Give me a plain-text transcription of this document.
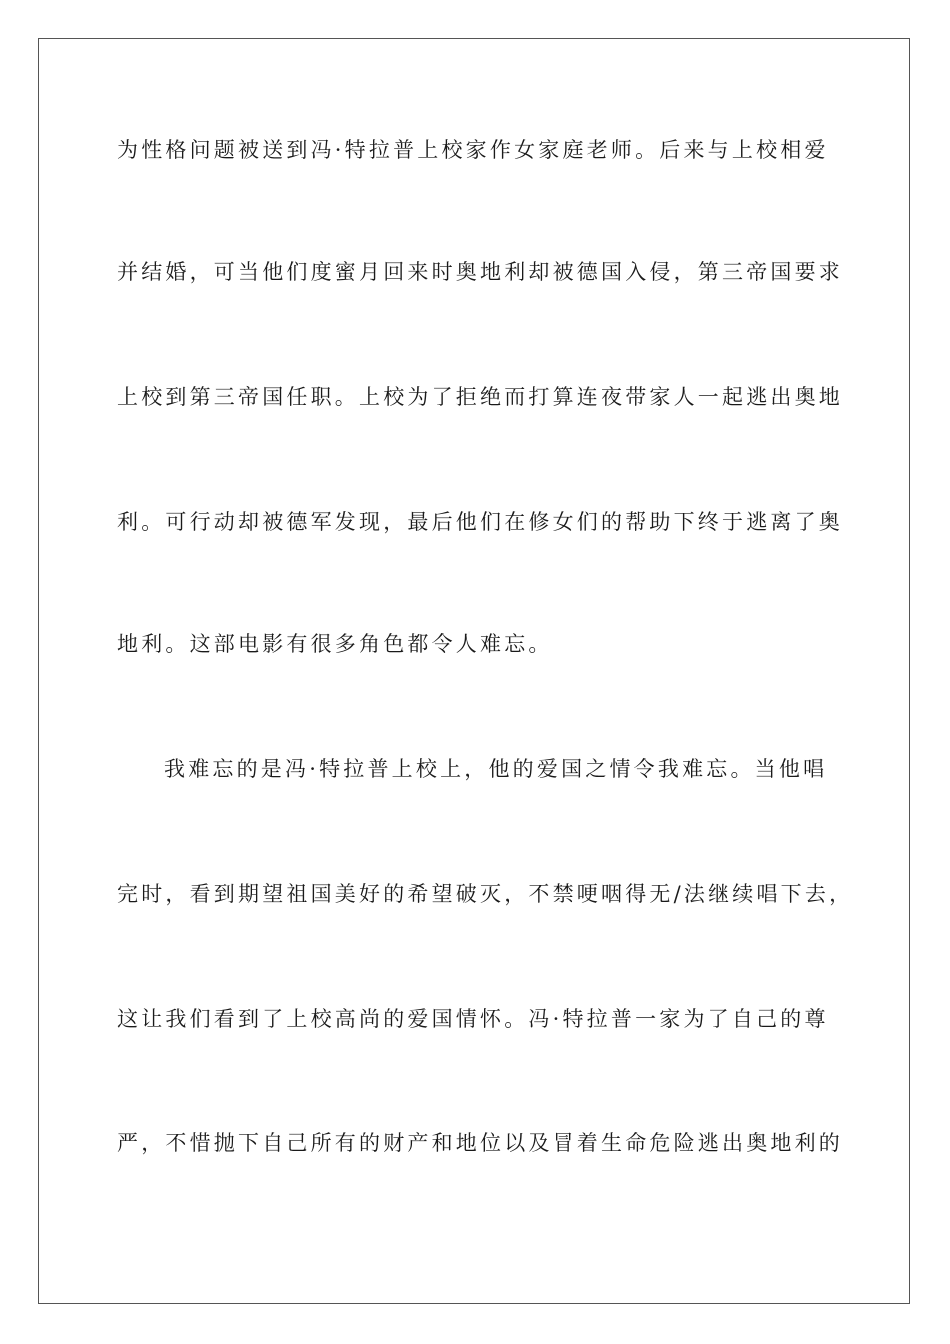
为性格问题被送到冯·特拉普上校家作女家庭老师。后来与上校相爱
并结婚，可当他们度蜜月回来时奥地利却被德国入侵，第三帝国要求
上校到第三帝国任职。上校为了拒绝而打算连夜带家人一起逃出奥地
利。可行动却被德军发现，最后他们在修女们的帮助下终于逃离了奥
地利。这部电影有很多角色都令人难忘。
我难忘的是冯·特拉普上校上，他的爱国之情令我难忘。当他唱
完时，看到期望祖国美好的希望破灭，不禁哽咽得无/法继续唱下去，
这让我们看到了上校高尚的爱国情怀。冯·特拉普一家为了自己的尊
严，不惜抛下自己所有的财产和地位以及冒着生命危险逃出奥地利的
